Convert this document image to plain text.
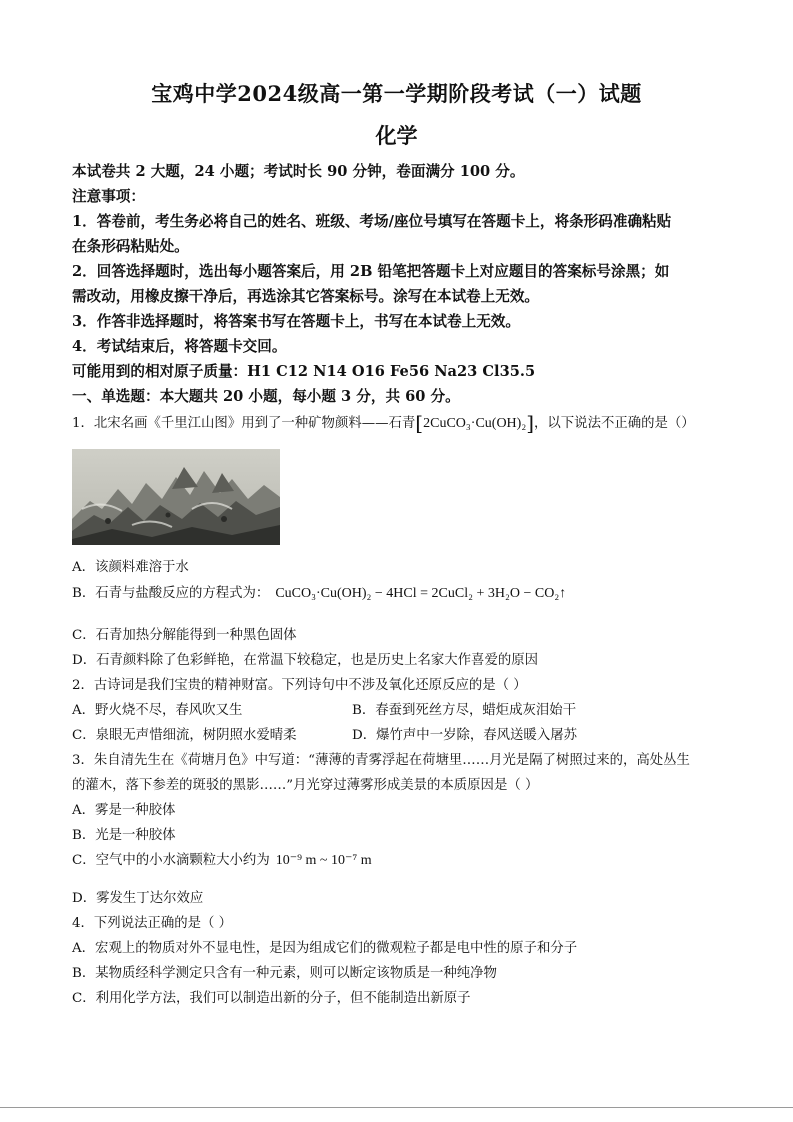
宝鸡中学2024级高一第一学期阶段考试（一）试题
化学
本试卷共 2 大题，24 小题；考试时长 90 分钟，卷面满分 100 分。
注意事项：
1．答卷前，考生务必将自己的姓名、班级、考场/座位号填写在答题卡上，将条形码准确粘贴
在条形码粘贴处。
2．回答选择题时，选出每小题答案后，用 2B 铅笔把答题卡上对应题目的答案标号涂黑；如
需改动，用橡皮擦干净后，再选涂其它答案标号。涂写在本试卷上无效。
3．作答非选择题时，将答案书写在答题卡上，书写在本试卷上无效。
4．考试结束后，将答题卡交回。
可能用到的相对原子质量：H1 C12 N14 O16 Fe56 Na23 Cl35.5
一、单选题：本大题共 20 小题，每小题 3 分，共 60 分。
1．北宋名画《千里江山图》用到了一种矿物颜料——石青[2CuCO₃·Cu(OH)₂]，以下说法不正确的是（）
A．该颜料难溶于水
B．石青与盐酸反应的方程式为： CuCO₃·Cu(OH)₂ − 4HCl = 2CuCl₂ + 3H₂O − CO₂↑
C．石青加热分解能得到一种黑色固体
D．石青颜料除了色彩鲜艳，在常温下较稳定，也是历史上名家大作喜爱的原因
2．古诗词是我们宝贵的精神财富。下列诗句中不涉及氧化还原反应的是（ ）
A．野火烧不尽，春风吹又生	B．春蚕到死丝方尽，蜡炬成灰泪始干
C．泉眼无声惜细流，树阴照水爱晴柔	D．爆竹声中一岁除，春风送暖入屠苏
3．朱自清先生在《荷塘月色》中写道：“薄薄的青雾浮起在荷塘里……月光是隔了树照过来的，高处丛生
的灌木，落下参差的斑驳的黑影……”月光穿过薄雾形成美景的本质原因是（ ）
A．雾是一种胶体
B．光是一种胶体
C．空气中的小水滴颗粒大小约为 10⁻⁹ m ~ 10⁻⁷ m
D．雾发生丁达尔效应
4．下列说法正确的是（ ）
A．宏观上的物质对外不显电性，是因为组成它们的微观粒子都是电中性的原子和分子
B．某物质经科学测定只含有一种元素，则可以断定该物质是一种纯净物
C．利用化学方法，我们可以制造出新的分子，但不能制造出新原子
